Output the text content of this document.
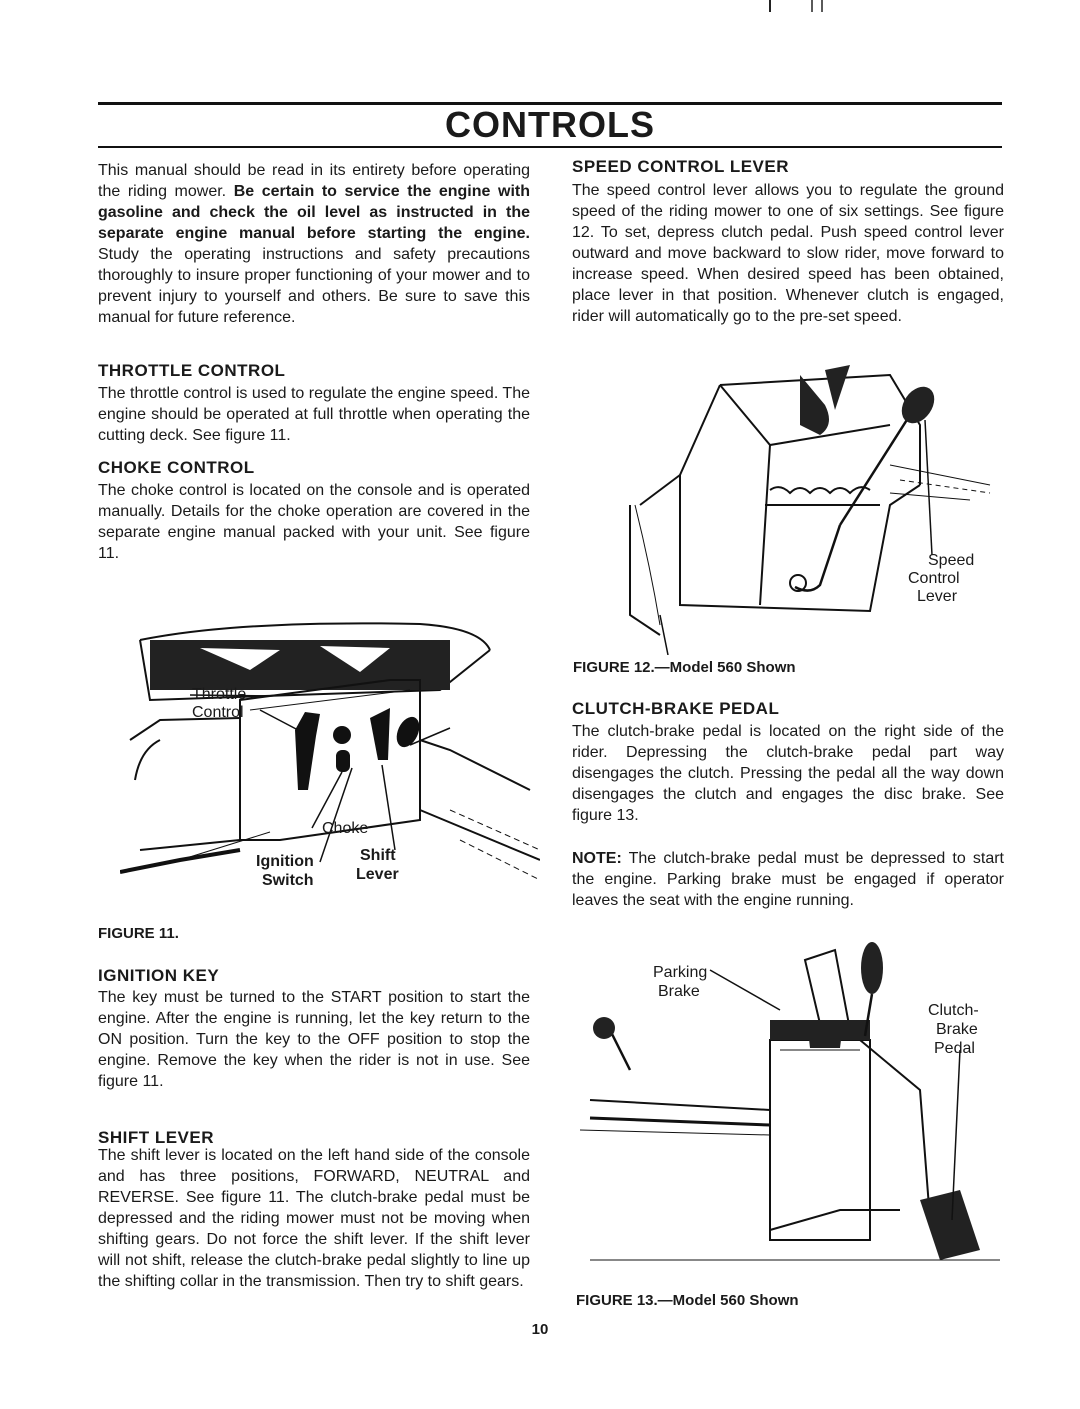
CONTROLS

This manual should be read in its entirety before operating the riding mower. Be certain to service the engine with gasoline and check the oil level as instructed in the separate engine manual before starting the engine. Study the operating instructions and safety precautions thoroughly to insure proper functioning of your mower and to prevent injury to yourself and others. Be sure to save this manual for future reference.

THROTTLE CONTROL

The throttle control is used to regulate the engine speed. The engine should be operated at full throttle when operating the cutting deck. See figure 11.

CHOKE CONTROL

The choke control is located on the console and is operated manually. Details for the choke operation are covered in the separate engine manual packed with your unit. See figure 11.

Throttle
Control
Choke
Ignition
Switch
Shift
Lever
FIGURE 11.
IGNITION KEY

The key must be turned to the START position to start the engine. After the engine is running, let the key return to the ON position. Turn the key to the OFF position to stop the engine. Remove the key when the rider is not in use. See figure 11.

SHIFT LEVER

The shift lever is located on the left hand side of the console and has three positions, FORWARD, NEUTRAL and REVERSE. See figure 11. The clutch-brake pedal must be depressed and the riding mower must not be moving when shifting gears. Do not force the shift lever. If the shift lever will not shift, release the clutch-brake pedal slightly to line up the shifting collar in the transmission. Then try to shift gears.

SPEED CONTROL LEVER

The speed control lever allows you to regulate the ground speed of the riding mower to one of six settings. See figure 12. To set, depress clutch pedal. Push speed control lever outward and move backward to slow rider, move forward to increase speed. When desired speed has been obtained, place lever in that position. Whenever clutch is engaged, rider will automatically go to the pre-set speed.

Speed
Control
Lever
FIGURE 12.—Model 560 Shown
CLUTCH-BRAKE PEDAL

The clutch-brake pedal is located on the right side of the rider. Depressing the clutch-brake pedal part way disengages the clutch. Pressing the pedal all the way down disengages the clutch and engages the disc brake. See figure 13.

NOTE: The clutch-brake pedal must be depressed to start the engine. Parking brake must be engaged if operator leaves the seat with the engine running.

Parking
Brake
Clutch-
Brake
Pedal
FIGURE 13.—Model 560 Shown
10
